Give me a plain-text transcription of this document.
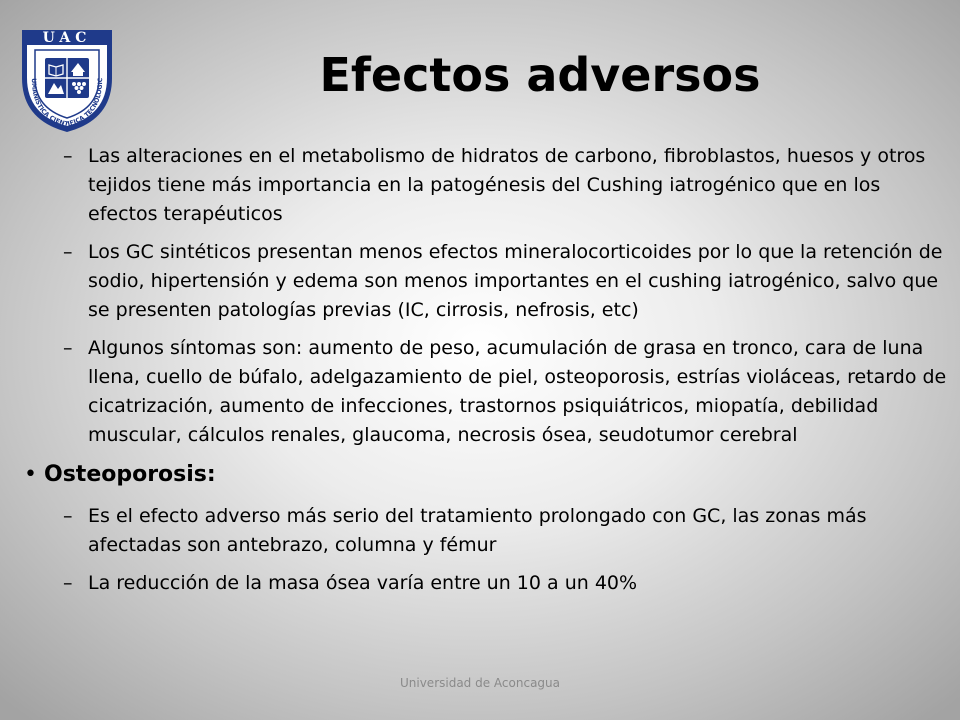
UAC
UMANISTICA CIENTIFICA TECNOLOGIC	Efectos adversos
– Las alteraciones en el metabolismo de hidratos de carbono, fibroblastos, huesos y otros tejidos tiene más importancia en la patogénesis del Cushing iatrogénico que en los efectos terapéuticos
– Los GC sintéticos presentan menos efectos mineralocorticoides por lo que la retención de sodio, hipertensión y edema son menos importantes en el cushing iatrogénico, salvo que se presenten patologías previas (IC, cirrosis, nefrosis, etc)
– Algunos síntomas son: aumento de peso, acumulación de grasa en tronco, cara de luna llena, cuello de búfalo, adelgazamiento de piel, osteoporosis, estrías violáceas, retardo de cicatrización, aumento de infecciones, trastornos psiquiátricos, miopatía, debilidad muscular, cálculos renales, glaucoma, necrosis ósea, seudotumor cerebral
• Osteoporosis:
– Es el efecto adverso más serio del tratamiento prolongado con GC, las zonas más afectadas son antebrazo, columna y fémur
– La reducción de la masa ósea varía entre un 10 a un 40%
Universidad de Aconcagua
